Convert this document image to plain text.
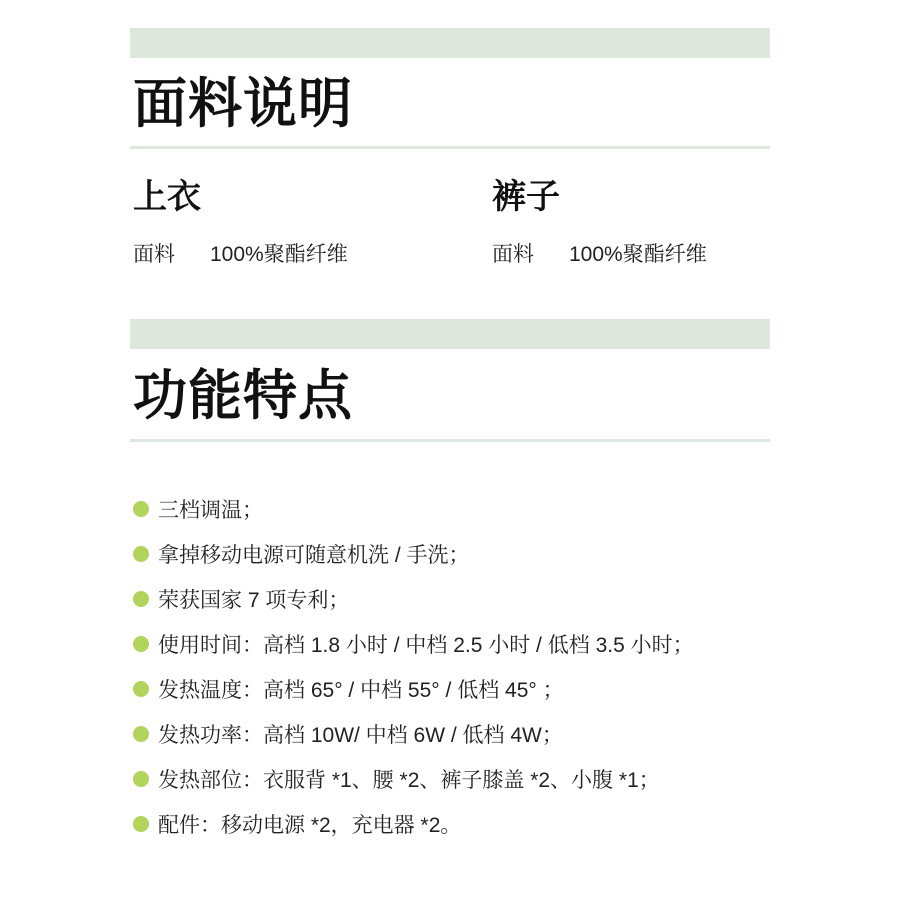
面料说明
上衣
面料 100%聚酯纤维
裤子
面料 100%聚酯纤维
功能特点
三档调温；
拿掉移动电源可随意机洗 / 手洗；
荣获国家 7 项专利；
使用时间：高档 1.8 小时 / 中档 2.5 小时 / 低档 3.5 小时；
发热温度：高档 65° / 中档 55° / 低档 45° ；
发热功率：高档 10W/ 中档 6W / 低档 4W；
发热部位：衣服背 *1、腰 *2、裤子膝盖 *2、小腹 *1；
配件：移动电源 *2，充电器 *2。
